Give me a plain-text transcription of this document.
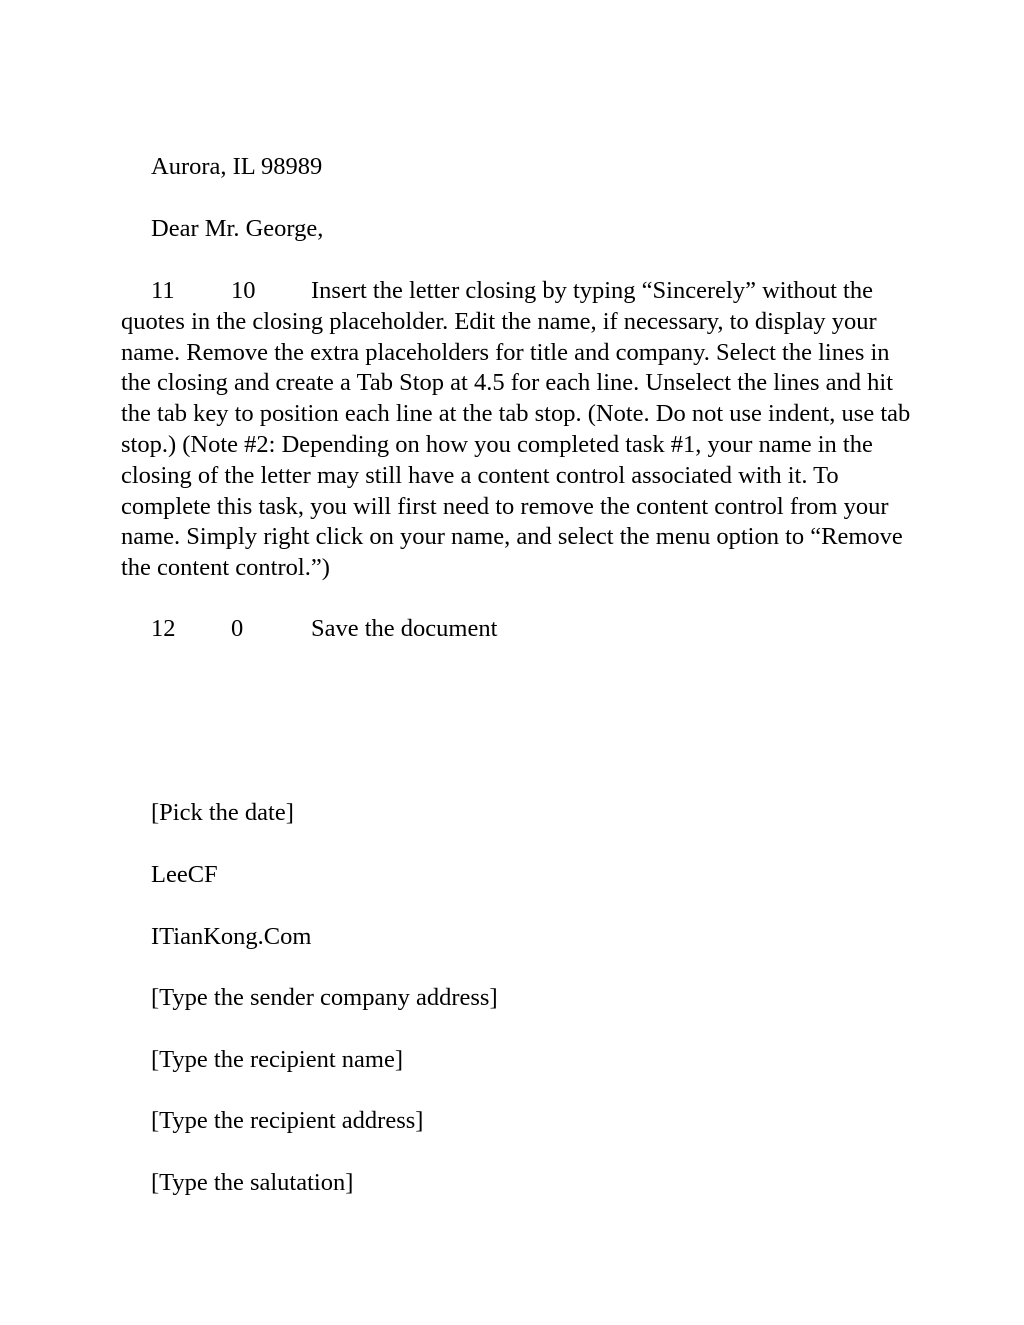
Aurora, IL 98989
Dear Mr. George,
11 10 Insert the letter closing by typing “Sincerely” without the quotes in the closing placeholder. Edit the name, if necessary, to display your name. Remove the extra placeholders for title and company. Select the lines in the closing and create a Tab Stop at 4.5 for each line. Unselect the lines and hit the tab key to position each line at the tab stop. (Note. Do not use indent, use tab stop.) (Note #2: Depending on how you completed task #1, your name in the closing of the letter may still have a content control associated with it. To complete this task, you will first need to remove the content control from your name. Simply right click on your name, and select the menu option to “Remove the content control.”)
12 0	Save the document
[Pick the date]
LeeCF
ITianKong.Com
[Type the sender company address]
[Type the recipient name]
[Type the recipient address]
[Type the salutation]
